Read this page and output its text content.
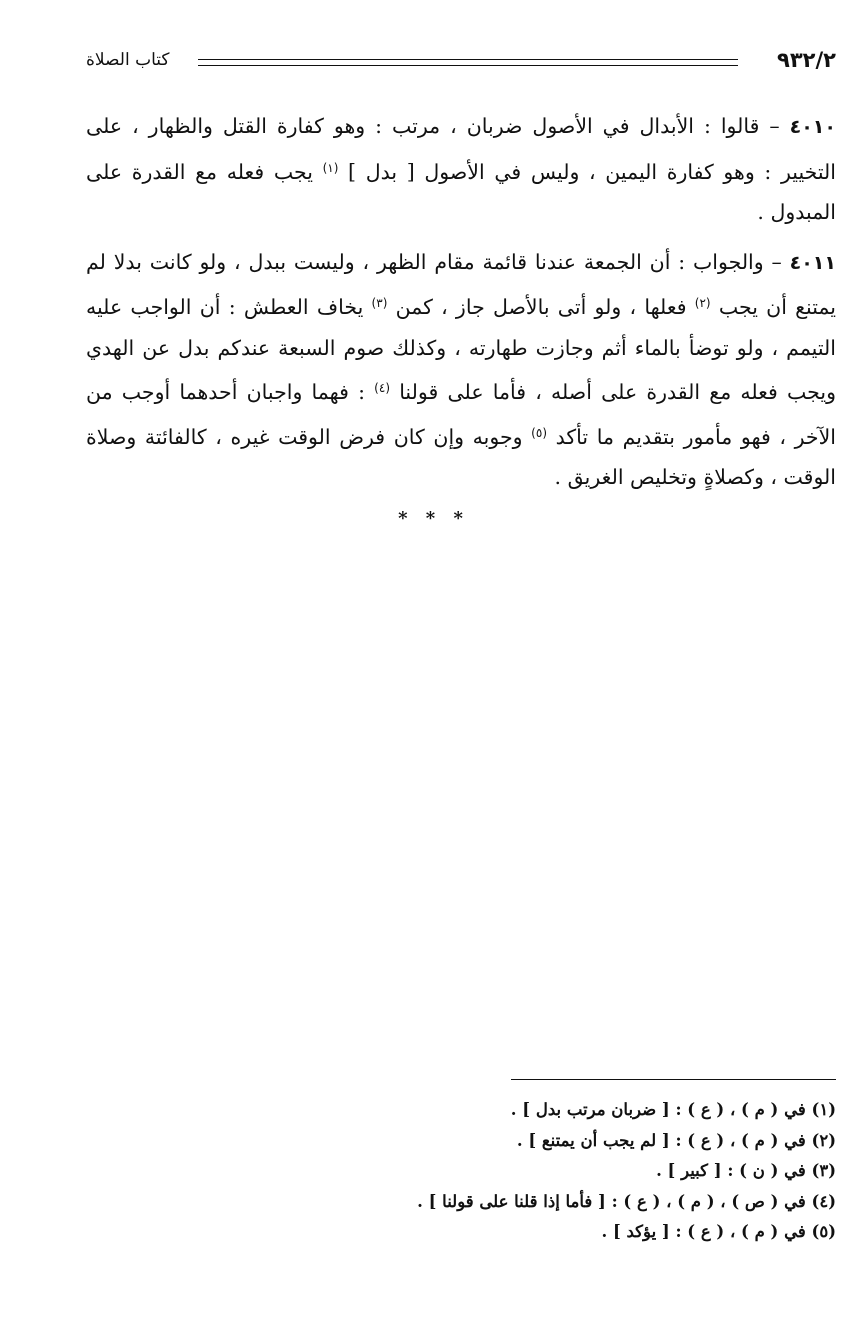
٩٣٢/٢
كتاب الصلاة

٤٠١٠ – قالوا : الأبدال في الأصول ضربان ، مرتب : وهو كفارة القتل والظهار ، على التخيير : وهو كفارة اليمين ، وليس في الأصول [ بدل ] $^{(١)}$ يجب فعله مع القدرة على المبدول .

٤٠١١ – والجواب : أن الجمعة عندنا قائمة مقام الظهر ، وليست ببدل ، ولو كانت بدلا لم يمتنع أن يجب $^{(٢)}$ فعلها ، ولو أتى بالأصل جاز ، كمن $^{(٣)}$ يخاف العطش : أن الواجب عليه التيمم ، ولو توضأ بالماء أثم وجازت طهارته ، وكذلك صوم السبعة عندكم بدل عن الهدي ويجب فعله مع القدرة على أصله ، فأما على قولنا $^{(٤)}$ : فهما واجبان أحدهما أوجب من الآخر ، فهو مأمور بتقديم ما تأكد $^{(٥)}$ وجوبه وإن كان فرض الوقت غيره ، كالفائتة وصلاة الوقت ، وكصلاةٍ وتخليص الغريق .

* * *
(١) في ( م ) ، ( ع ) : [ ضربان مرتب بدل ] .
(٢) في ( م ) ، ( ع ) : [ لم يجب أن يمتنع ] .
(٣) في ( ن ) : [ كبير ] .
(٤) في ( ص ) ، ( م ) ، ( ع ) : [ فأما إذا قلنا على قولنا ] .
(٥) في ( م ) ، ( ع ) : [ يؤكد ] .
